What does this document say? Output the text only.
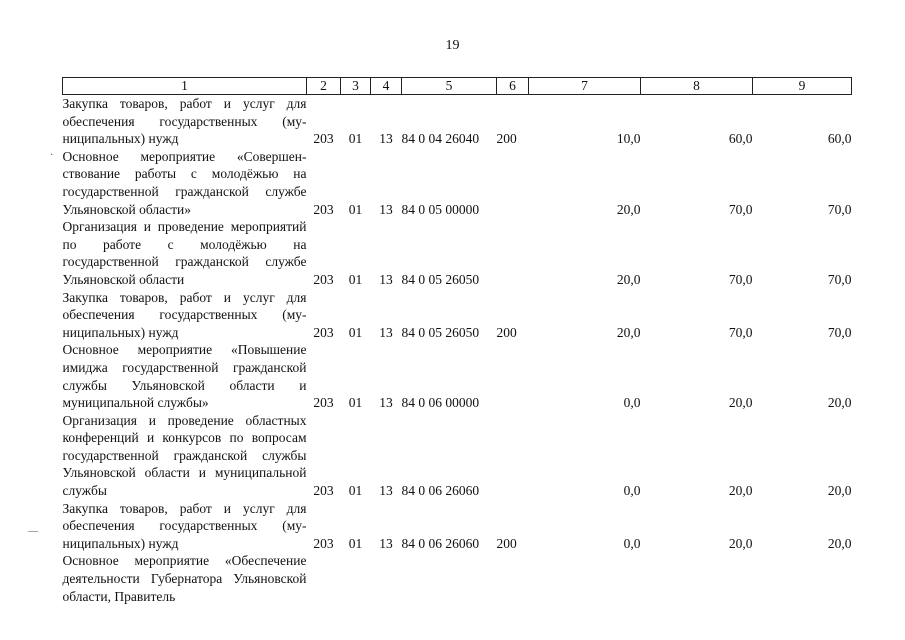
19
1	2	3	4	5	6	7	8	9
Закупка товаров, работ и услуг для обеспечения государственных (муниципальных) нужд	203	01	13	84 0 04 26040	200	10,0	60,0	60,0
Основное мероприятие «Совершенствование работы с молодёжью на государственной гражданской службе Ульяновской области»	203	01	13	84 0 05 00000		20,0	70,0	70,0
Организация и проведение мероприятий по работе с молодёжью на государственной гражданской службе Ульяновской области	203	01	13	84 0 05 26050		20,0	70,0	70,0
Закупка товаров, работ и услуг для обеспечения государственных (муниципальных) нужд	203	01	13	84 0 05 26050	200	20,0	70,0	70,0
Основное мероприятие «Повышение имиджа государственной гражданской службы Ульяновской области и муниципальной службы»	203	01	13	84 0 06 00000		0,0	20,0	20,0
Организация и проведение областных конференций и конкурсов по вопросам государственной гражданской службы Ульяновской области и муниципальной службы	203	01	13	84 0 06 26060		0,0	20,0	20,0
Закупка товаров, работ и услуг для обеспечения государственных (муниципальных) нужд	203	01	13	84 0 06 26060	200	0,0	20,0	20,0
Основное мероприятие «Обеспечение деятельности Губернатора Ульяновской области, Правитель								
·
‒‒
